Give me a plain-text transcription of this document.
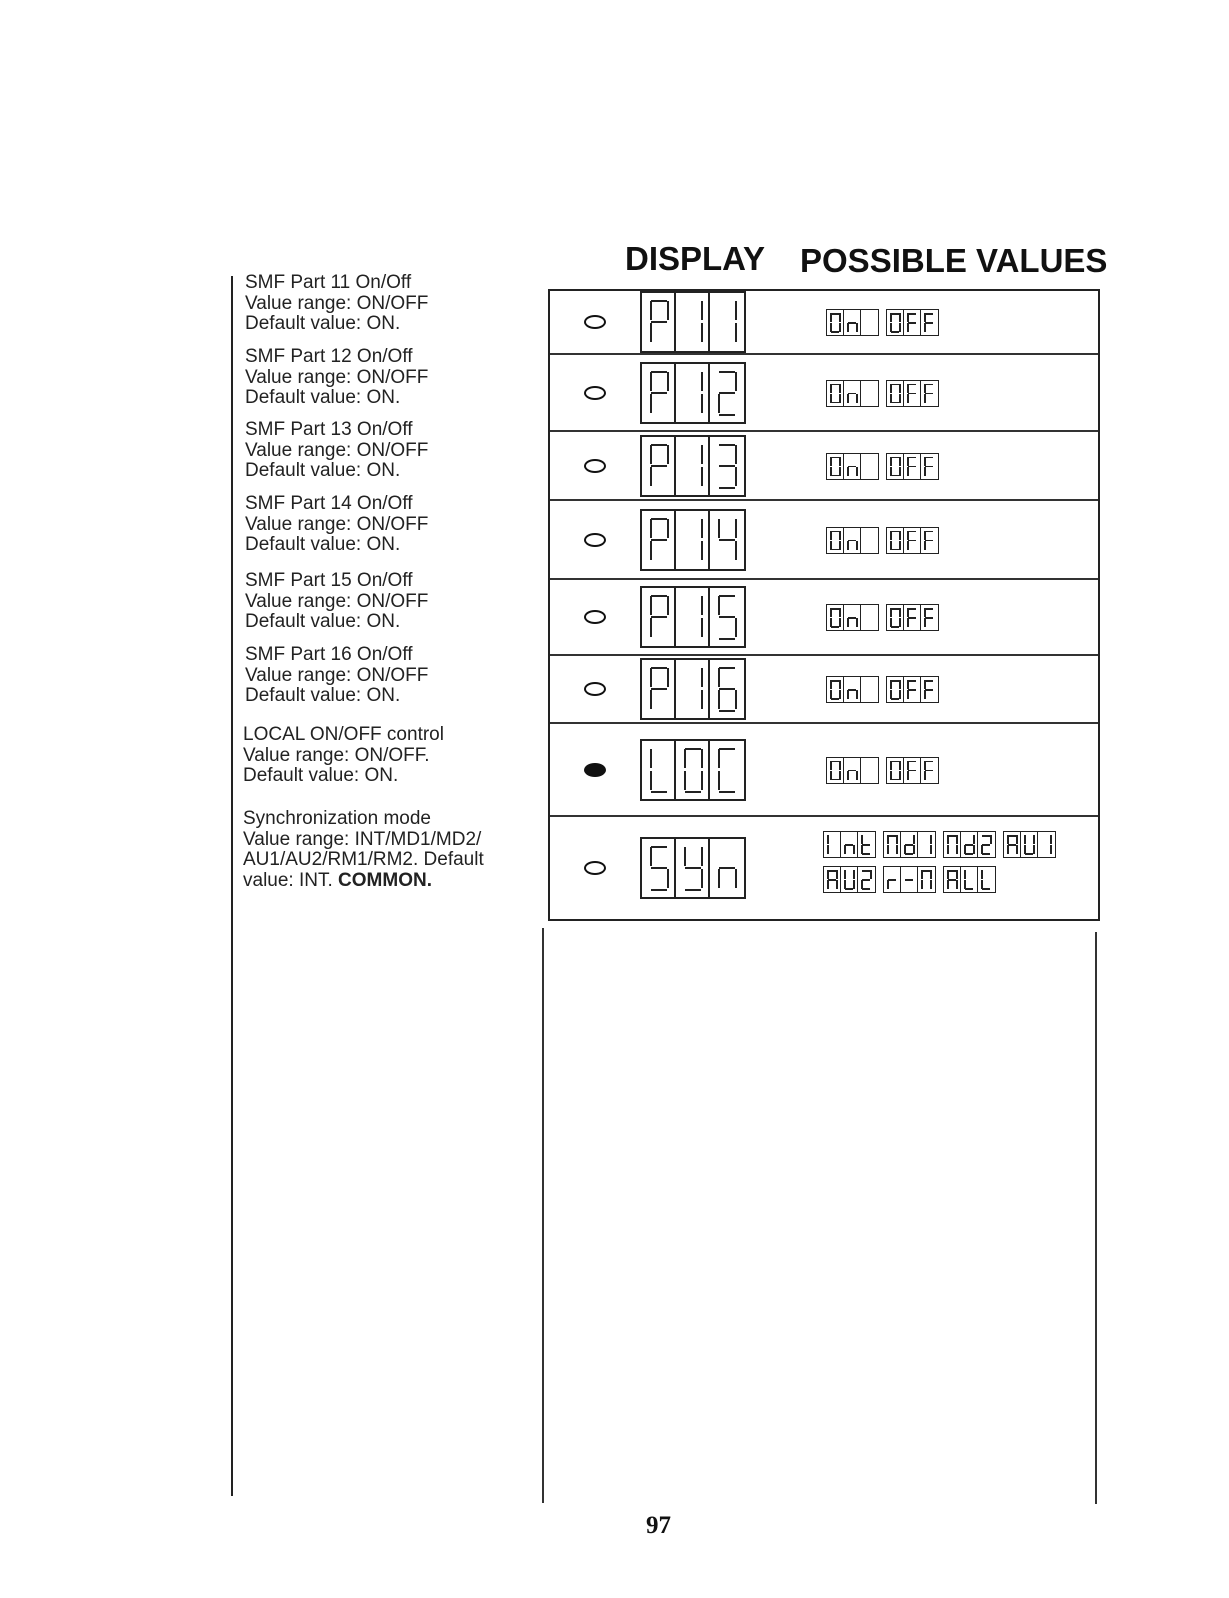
DISPLAY POSSIBLE VALUES
SMF Part 11 On/Off
Value range: ON/OFF
Default value: ON.
SMF Part 12 On/Off
Value range: ON/OFF
Default value: ON.
SMF Part 13 On/Off
Value range: ON/OFF
Default value: ON.
SMF Part 14 On/Off
Value range: ON/OFF
Default value: ON.
SMF Part 15 On/Off
Value range: ON/OFF
Default value: ON.
SMF Part 16 On/Off
Value range: ON/OFF
Default value: ON.
LOCAL ON/OFF control
Value range: ON/OFF.
Default value: ON.
Synchronization mode
Value range: INT/MD1/MD2/
AU1/AU2/RM1/RM2. Default
value: INT. COMMON.
97
